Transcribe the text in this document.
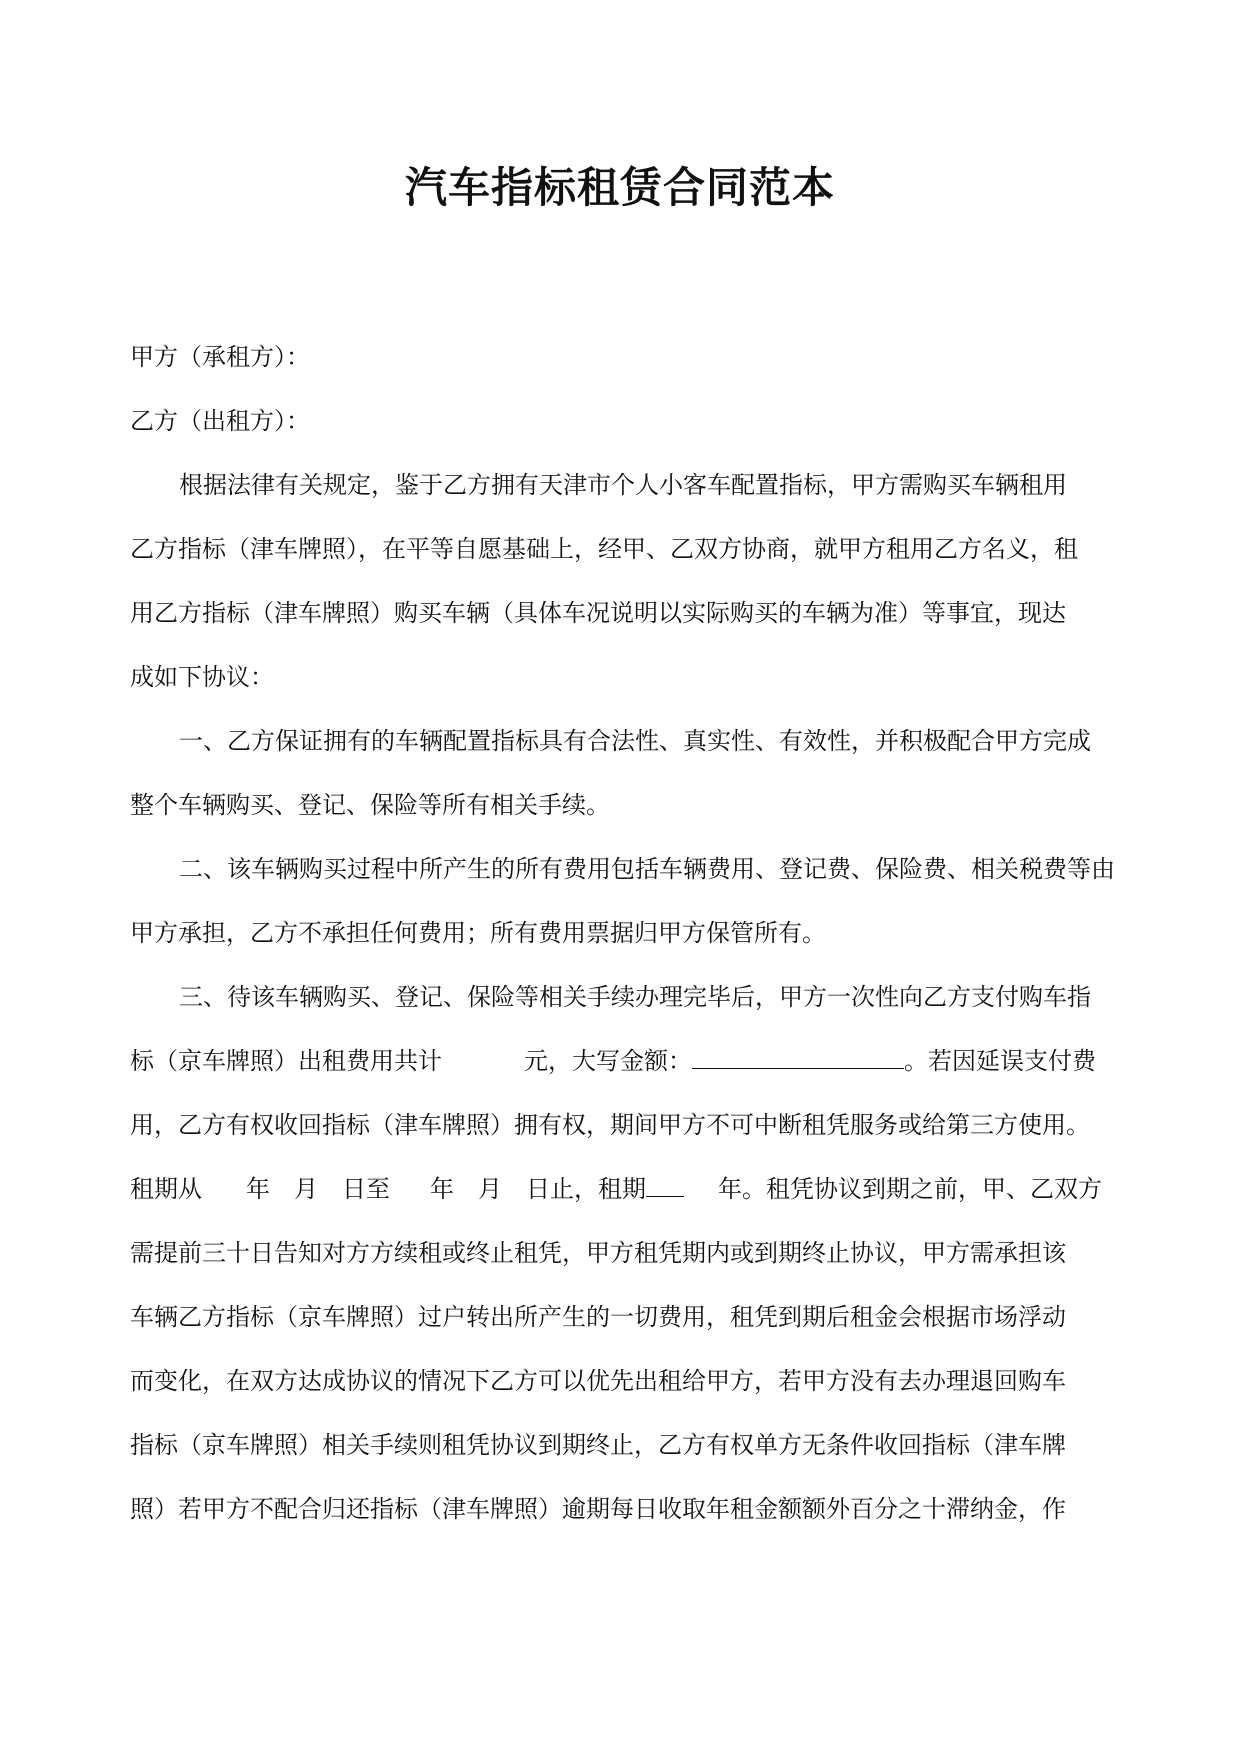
汽车指标租赁合同范本
甲方（承租方）：
乙方（出租方）：
根据法律有关规定，鉴于乙方拥有天津市个人小客车配置指标，甲方需购买车辆租用
乙方指标（津车牌照），在平等自愿基础上，经甲、乙双方协商，就甲方租用乙方名义，租
用乙方指标（津车牌照）购买车辆（具体车况说明以实际购买的车辆为准）等事宜，现达
成如下协议：
一、乙方保证拥有的车辆配置指标具有合法性、真实性、有效性，并积极配合甲方完成
整个车辆购买、登记、保险等所有相关手续。
二、该车辆购买过程中所产生的所有费用包括车辆费用、登记费、保险费、相关税费等由
甲方承担，乙方不承担任何费用；所有费用票据归甲方保管所有。
三、待该车辆购买、登记、保险等相关手续办理完毕后，甲方一次性向乙方支付购车指
标（京车牌照）出租费用共计	元，大写金额：	。若因延误支付费
用，乙方有权收回指标（津车牌照）拥有权，期间甲方不可中断租凭服务或给第三方使用。
租期从 年 月 日至 年 月 日止，租期	年。租凭协议到期之前，甲、乙双方
需提前三十日告知对方方续租或终止租凭，甲方租凭期内或到期终止协议，甲方需承担该
车辆乙方指标（京车牌照）过户转出所产生的一切费用，租凭到期后租金会根据市场浮动
而变化，在双方达成协议的情况下乙方可以优先出租给甲方，若甲方没有去办理退回购车
指标（京车牌照）相关手续则租凭协议到期终止，乙方有权单方无条件收回指标（津车牌
照）若甲方不配合归还指标（津车牌照）逾期每日收取年租金额额外百分之十滞纳金，作
